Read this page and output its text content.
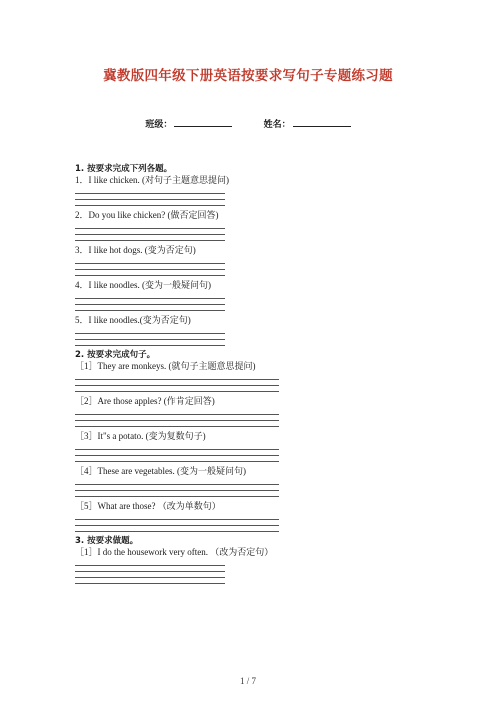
冀教版四年级下册英语按要求写句子专题练习题
班级：	姓名：

1. 按要求完成下列各题。

1．I like chicken. (对句子主题意思提问)

2．Do you like chicken? (做否定回答)

3．I like hot dogs. (变为否定句)

4．I like noodles. (变为一般疑问句)

5．I like noodles.(变为否定句)

2. 按要求完成句子。

［1］They are monkeys. (就句子主题意思提问)

［2］Are those apples? (作肯定回答)

［3］It"s a potato. (变为复数句子)

［4］These are vegetables. (变为一般疑问句)

［5］What are those? （改为单数句）

3. 按要求做题。

［1］I do the housework very often. （改为否定句）

1 / 7
